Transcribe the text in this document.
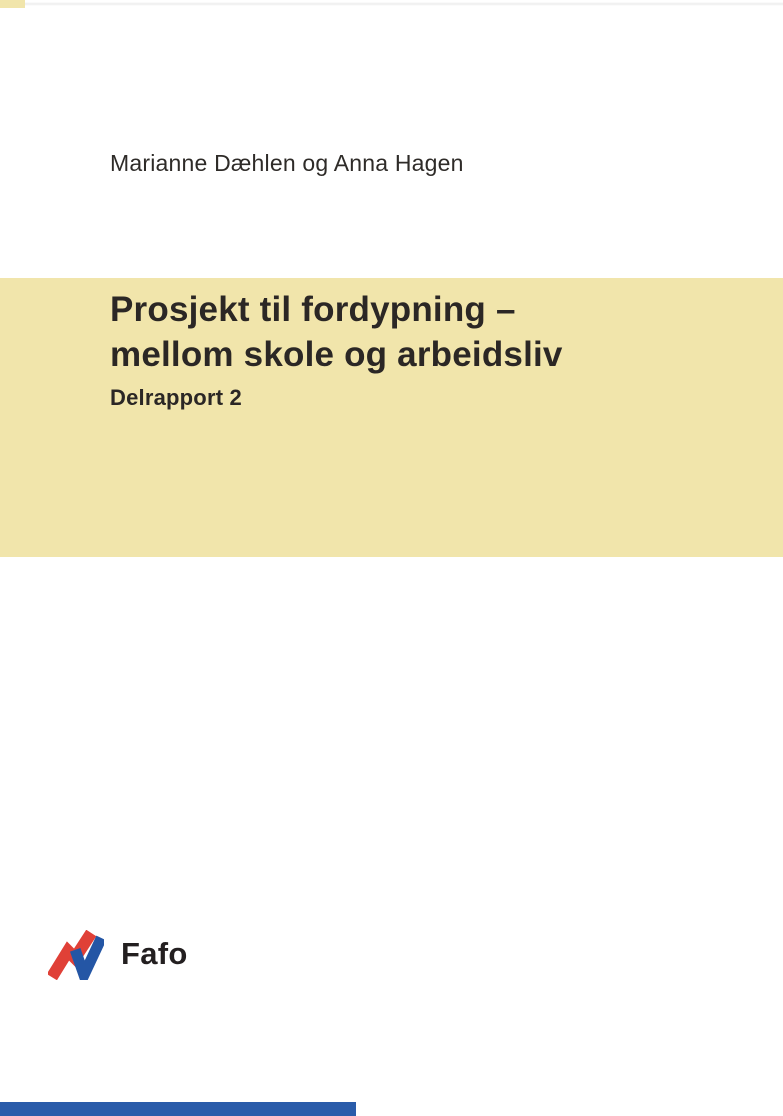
Marianne Dæhlen og Anna Hagen
Prosjekt til fordypning –
mellom skole og arbeidsliv
Delrapport 2
Fafo
